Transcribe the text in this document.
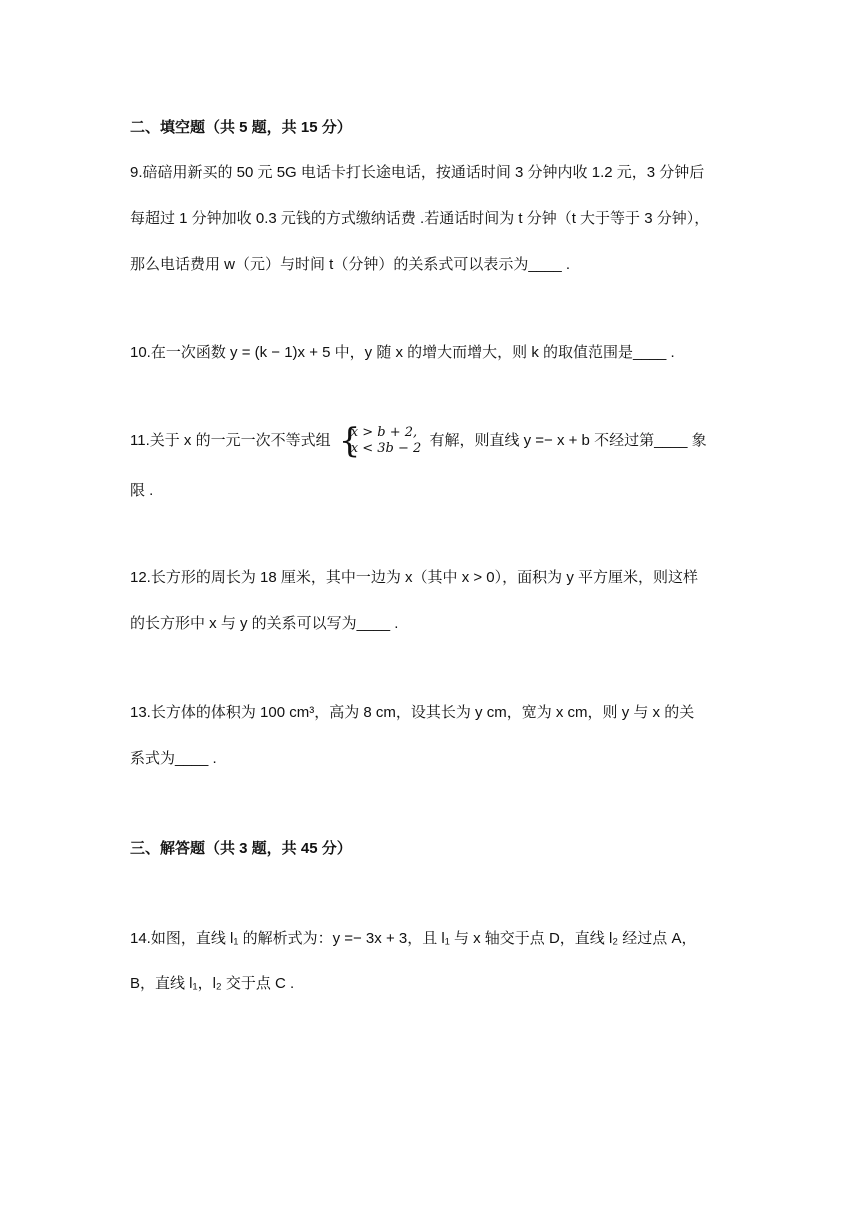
二、填空题（共 5 题，共 15 分）
9.碚碚用新买的 50 元 5G 电话卡打长途电话，按通话时间 3 分钟内收 1.2 元，3 分钟后
每超过 1 分钟加收 0.3 元钱的方式缴纳话费 .若通话时间为 t 分钟（t 大于等于 3 分钟），
那么电话费用 w（元）与时间 t（分钟）的关系式可以表示为____ .
10.在一次函数 y = (k − 1)x + 5 中，y 随 x 的增大而增大，则 k 的取值范围是____ .
11.关于 x 的一元一次不等式组 {
x > b + 2,
x < 3b − 2 有解，则直线 y =− x + b 不经过第____ 象
限 .
12.长方形的周长为 18 厘米，其中一边为 x（其中 x > 0），面积为 y 平方厘米，则这样
的长方形中 x 与 y 的关系可以写为____ .
13.长方体的体积为 100 cm³，高为 8 cm，设其长为 y cm，宽为 x cm，则 y 与 x 的关
系式为____ .
三、解答题（共 3 题，共 45 分）
14.如图，直线 l₁ 的解析式为：y =− 3x + 3，且 l₁ 与 x 轴交于点 D，直线 l₂ 经过点 A，
B，直线 l₁，l₂ 交于点 C .
